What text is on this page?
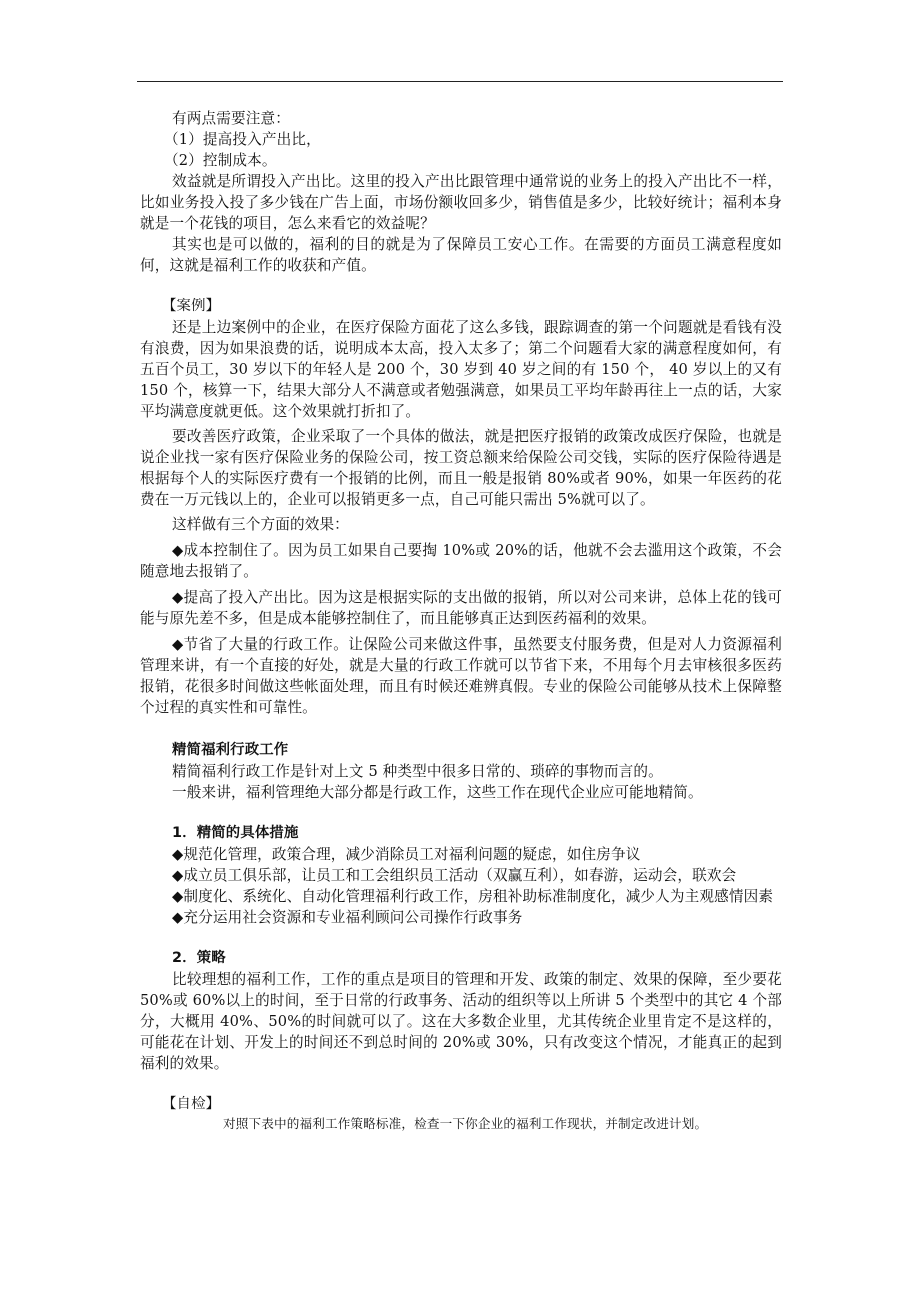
有两点需要注意：

（1）提高投入产出比，

（2）控制成本。

效益就是所谓投入产出比。这里的投入产出比跟管理中通常说的业务上的投入产出比不一样，比如业务投入投了多少钱在广告上面，市场份额收回多少，销售值是多少，比较好统计；福利本身就是一个花钱的项目，怎么来看它的效益呢？

其实也是可以做的，福利的目的就是为了保障员工安心工作。在需要的方面员工满意程度如何，这就是福利工作的收获和产值。

【案例】

还是上边案例中的企业，在医疗保险方面花了这么多钱，跟踪调查的第一个问题就是看钱有没有浪费，因为如果浪费的话，说明成本太高，投入太多了；第二个问题看大家的满意程度如何，有五百个员工，30 岁以下的年轻人是 200 个，30 岁到 40 岁之间的有 150 个， 40 岁以上的又有 150 个，核算一下，结果大部分人不满意或者勉强满意，如果员工平均年龄再往上一点的话，大家平均满意度就更低。这个效果就打折扣了。

要改善医疗政策，企业采取了一个具体的做法，就是把医疗报销的政策改成医疗保险，也就是说企业找一家有医疗保险业务的保险公司，按工资总额来给保险公司交钱，实际的医疗保险待遇是根据每个人的实际医疗费有一个报销的比例，而且一般是报销 80%或者 90%，如果一年医药的花费在一万元钱以上的，企业可以报销更多一点，自己可能只需出 5%就可以了。

这样做有三个方面的效果：

◆成本控制住了。因为员工如果自己要掏 10%或 20%的话，他就不会去滥用这个政策，不会随意地去报销了。

◆提高了投入产出比。因为这是根据实际的支出做的报销，所以对公司来讲，总体上花的钱可能与原先差不多，但是成本能够控制住了，而且能够真正达到医药福利的效果。

◆节省了大量的行政工作。让保险公司来做这件事，虽然要支付服务费，但是对人力资源福利管理来讲，有一个直接的好处，就是大量的行政工作就可以节省下来，不用每个月去审核很多医药报销，花很多时间做这些帐面处理，而且有时候还难辨真假。专业的保险公司能够从技术上保障整个过程的真实性和可靠性。

精简福利行政工作

精简福利行政工作是针对上文 5 种类型中很多日常的、琐碎的事物而言的。

一般来讲，福利管理绝大部分都是行政工作，这些工作在现代企业应可能地精简。

1．精简的具体措施

◆规范化管理，政策合理，减少消除员工对福利问题的疑虑，如住房争议

◆成立员工俱乐部，让员工和工会组织员工活动（双赢互利），如春游，运动会，联欢会

◆制度化、系统化、自动化管理福利行政工作，房租补助标准制度化，减少人为主观感情因素

◆充分运用社会资源和专业福利顾问公司操作行政事务

2．策略

比较理想的福利工作，工作的重点是项目的管理和开发、政策的制定、效果的保障，至少要花 50%或 60%以上的时间，至于日常的行政事务、活动的组织等以上所讲 5 个类型中的其它 4 个部分，大概用 40%、50%的时间就可以了。这在大多数企业里，尤其传统企业里肯定不是这样的，可能花在计划、开发上的时间还不到总时间的 20%或 30%，只有改变这个情况，才能真正的起到福利的效果。

【自检】

对照下表中的福利工作策略标准，检查一下你企业的福利工作现状，并制定改进计划。
